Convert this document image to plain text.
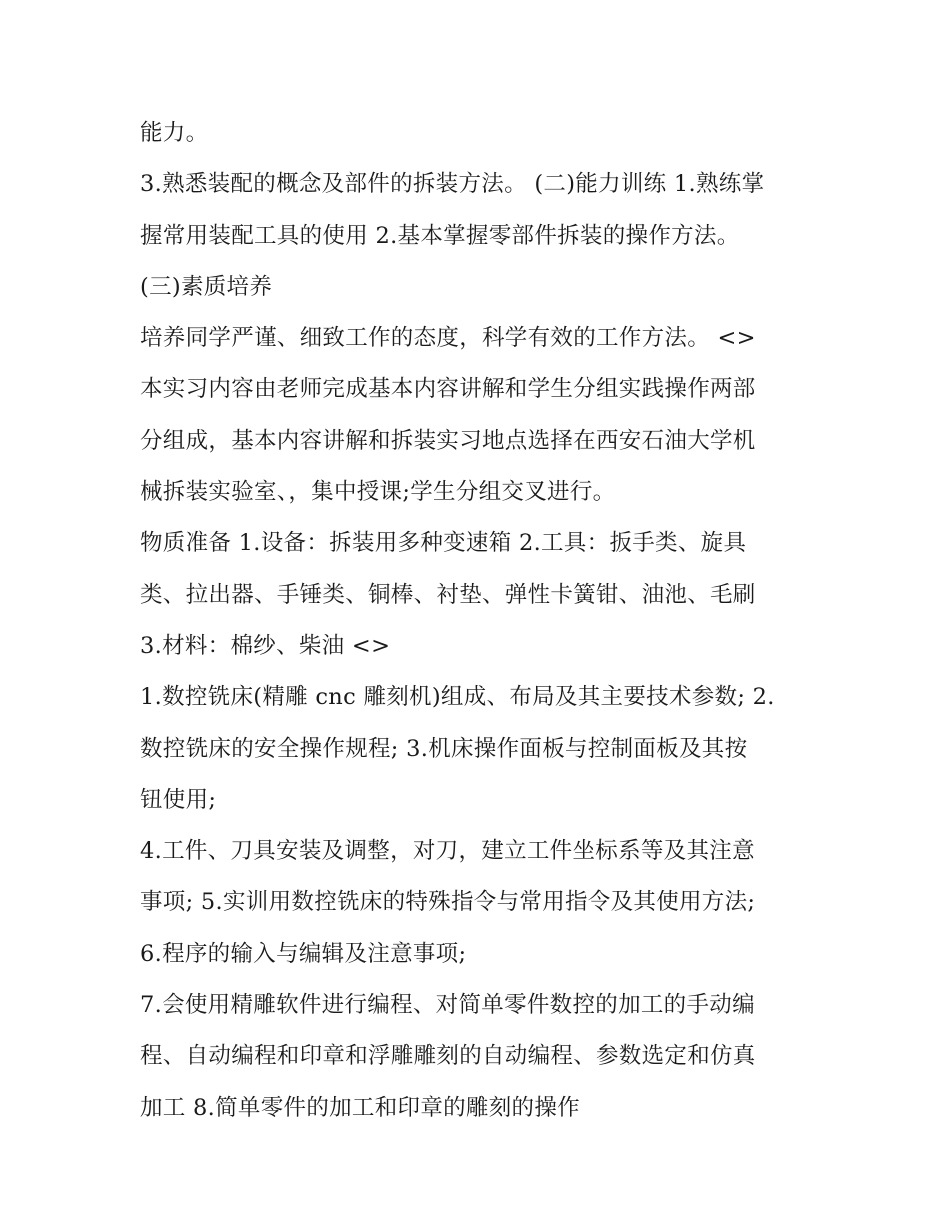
能力。
3.熟悉装配的概念及部件的拆装方法。 (二)能力训练 1.熟练掌
握常用装配工具的使用 2.基本掌握零部件拆装的操作方法。
(三)素质培养
培养同学严谨、细致工作的态度，科学有效的工作方法。 <>
本实习内容由老师完成基本内容讲解和学生分组实践操作两部
分组成，基本内容讲解和拆装实习地点选择在西安石油大学机
械拆装实验室、，集中授课;学生分组交叉进行。
物质准备 1.设备：拆装用多种变速箱 2.工具：扳手类、旋具
类、拉出器、手锤类、铜棒、衬垫、弹性卡簧钳、油池、毛刷
3.材料：棉纱、柴油 <>
1.数控铣床(精雕 cnc 雕刻机)组成、布局及其主要技术参数; 2.
数控铣床的安全操作规程; 3.机床操作面板与控制面板及其按
钮使用;
4.工件、刀具安装及调整，对刀，建立工件坐标系等及其注意
事项; 5.实训用数控铣床的特殊指令与常用指令及其使用方法;
6.程序的输入与编辑及注意事项;
7.会使用精雕软件进行编程、对简单零件数控的加工的手动编
程、自动编程和印章和浮雕雕刻的自动编程、参数选定和仿真
加工 8.简单零件的加工和印章的雕刻的操作
